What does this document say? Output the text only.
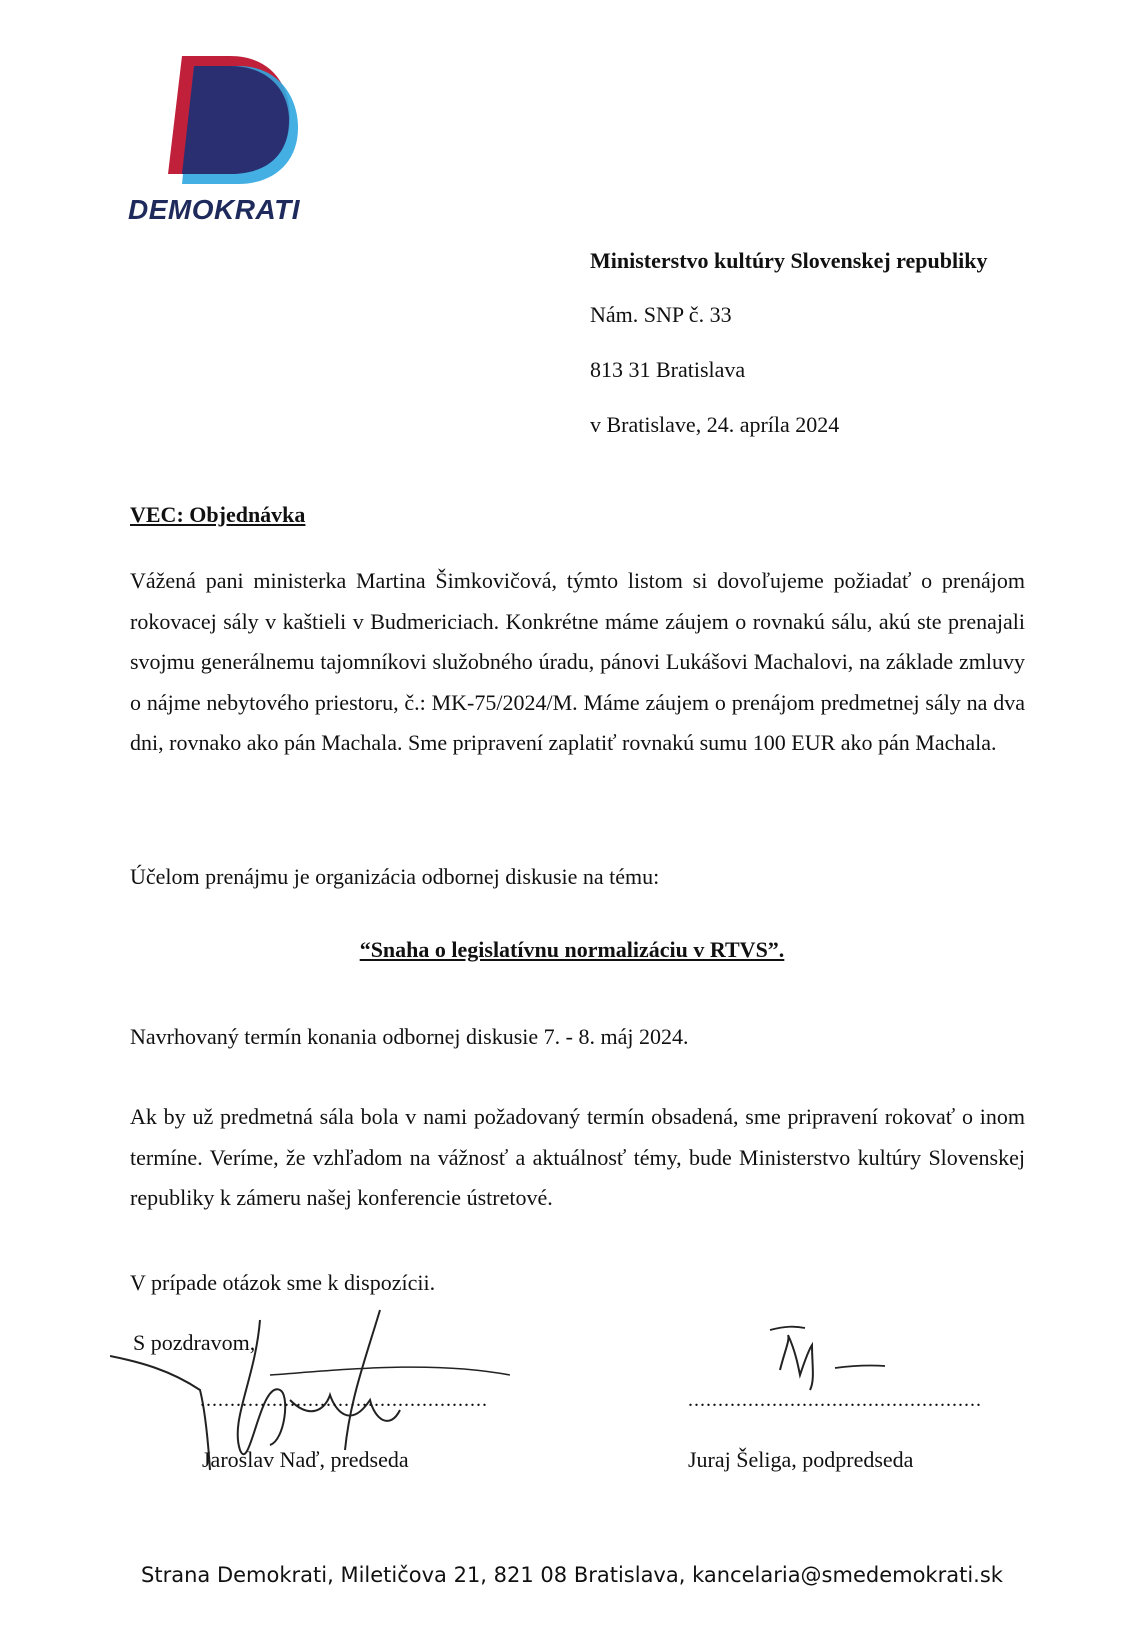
DEMOKRATI
Ministerstvo kultúry Slovenskej republiky
Nám. SNP č. 33
813 31 Bratislava
v Bratislave, 24. apríla 2024
VEC: Objednávka
Vážená pani ministerka Martina Šimkovičová, týmto listom si dovoľujeme požiadať o prenájom rokovacej sály v kaštieli v Budmericiach. Konkrétne máme záujem o rovnakú sálu, akú ste prenajali svojmu generálnemu tajomníkovi služobného úradu, pánovi Lukášovi Machalovi, na základe zmluvy o nájme nebytového priestoru, č.: MK-75/2024/M. Máme záujem o prenájom predmetnej sály na dva dni, rovnako ako pán Machala. Sme pripravení zaplatiť rovnakú sumu 100 EUR ako pán Machala.
Účelom prenájmu je organizácia odbornej diskusie na tému:
“Snaha o legislatívnu normalizáciu v RTVS”.
Navrhovaný termín konania odbornej diskusie 7. - 8. máj 2024.
Ak by už predmetná sála bola v nami požadovaný termín obsadená, sme pripravení rokovať o inom termíne. Veríme, že vzhľadom na vážnosť a aktuálnosť témy, bude Ministerstvo kultúry Slovenskej republiky k zámeru našej konferencie ústretové.
V prípade otázok sme k dispozícii.
S pozdravom,
................................................	.................................................
Jaroslav Naď, predseda	Juraj Šeliga, podpredseda
Strana Demokrati, Miletičova 21, 821 08 Bratislava, kancelaria@smedemokrati.sk
